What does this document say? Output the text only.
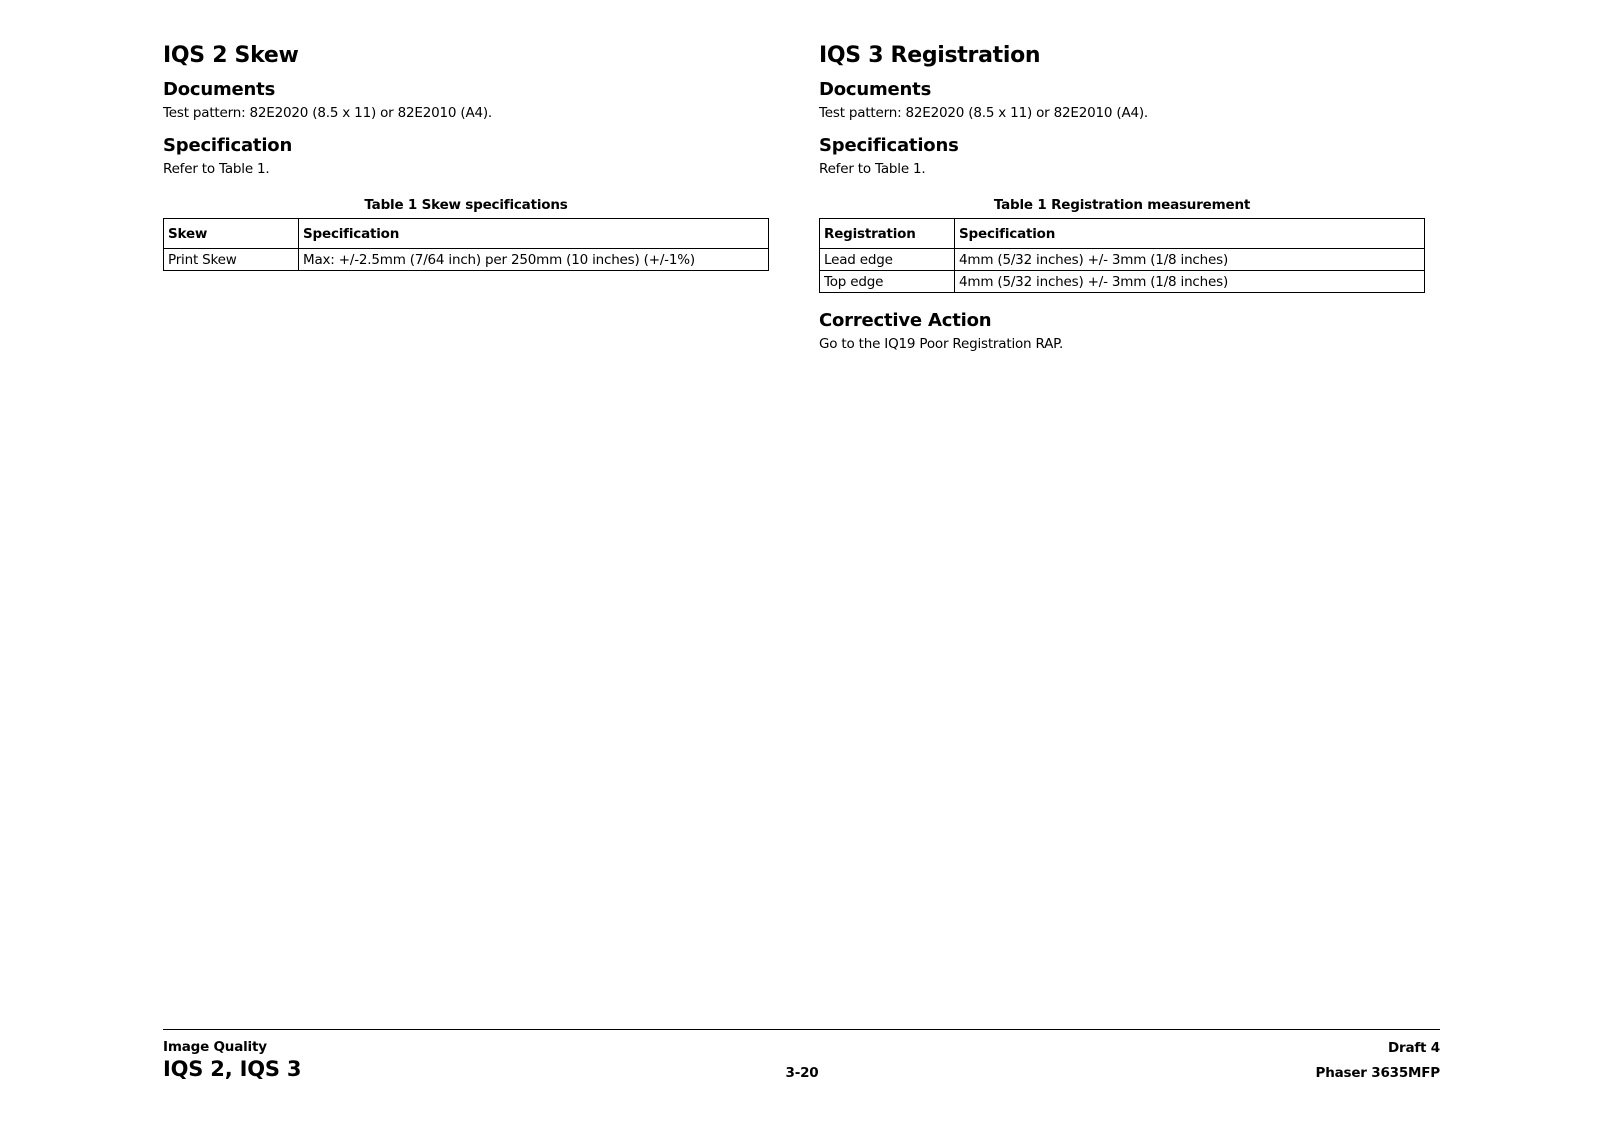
IQS 2 Skew
Documents

Test pattern: 82E2020 (8.5 x 11) or 82E2010 (A4).

Specification

Refer to Table 1.

Table 1 Skew specifications

Skew	Specification
Print Skew	Max: +/-2.5mm (7/64 inch) per 250mm (10 inches) (+/-1%)
IQS 3 Registration
Documents

Test pattern: 82E2020 (8.5 x 11) or 82E2010 (A4).

Specifications

Refer to Table 1.

Table 1 Registration measurement

Registration	Specification
Lead edge	4mm (5/32 inches) +/- 3mm (1/8 inches)
Top edge	4mm (5/32 inches) +/- 3mm (1/8 inches)
Corrective Action

Go to the IQ19 Poor Registration RAP.

Image Quality
IQS 2, IQS 3	3-20
Draft 4
Phaser 3635MFP
